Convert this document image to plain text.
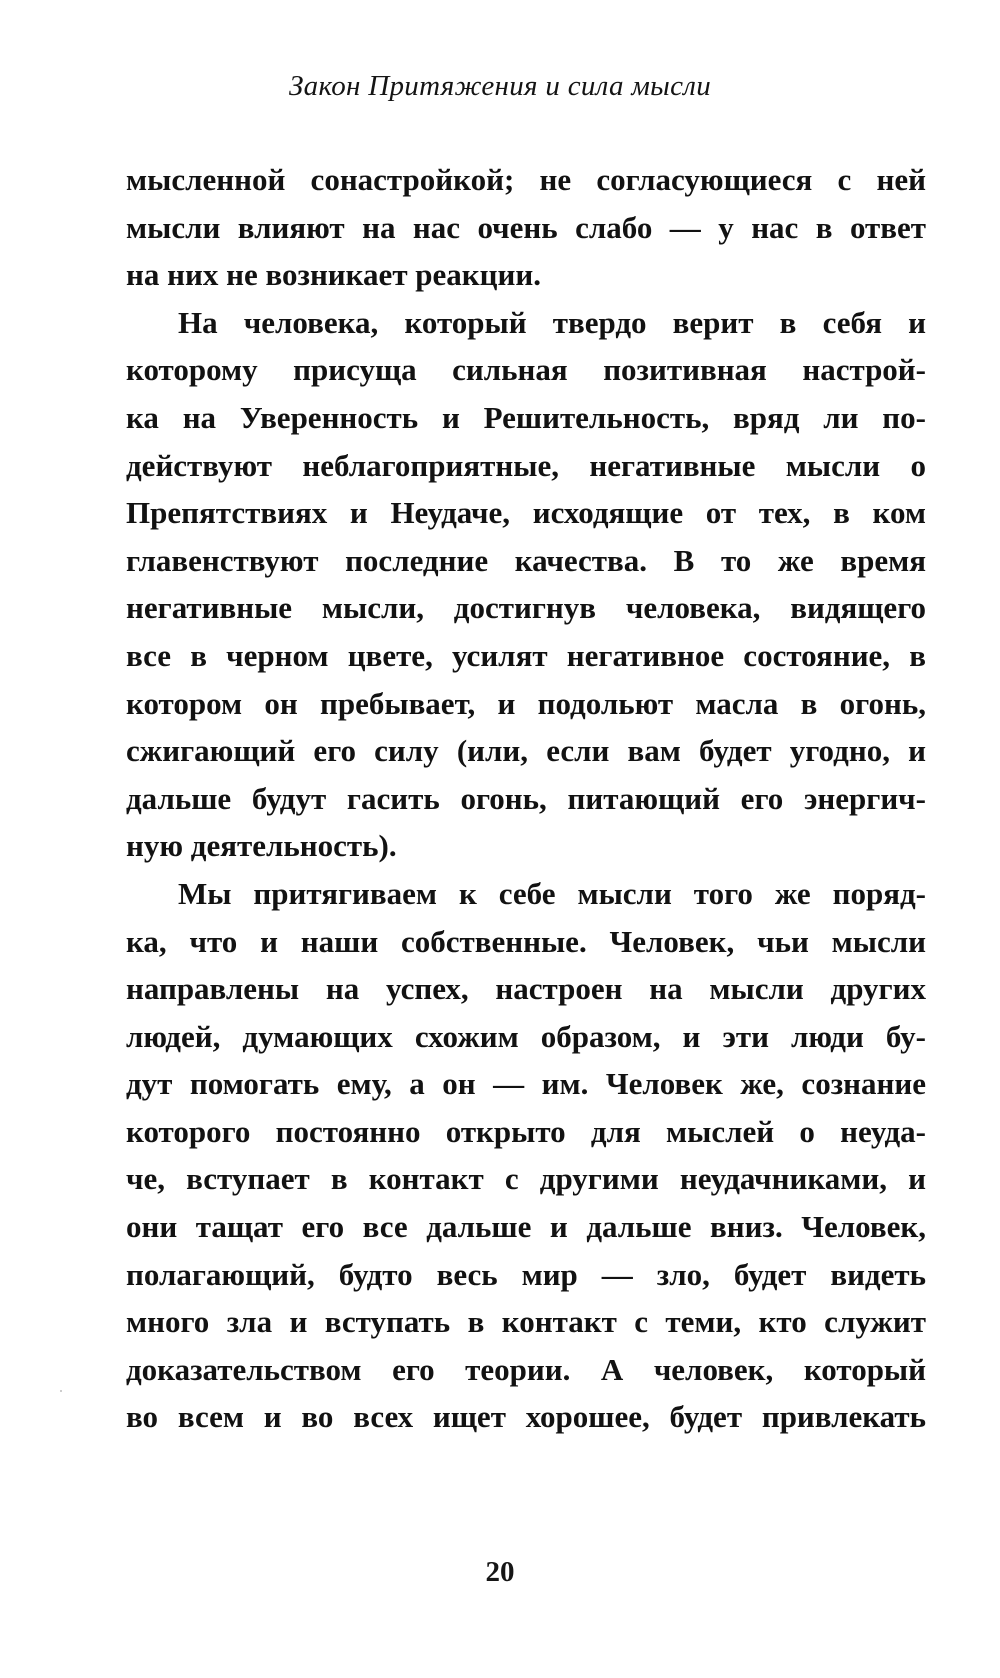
Закон Притяжения и сила мысли
мысленной сонастройкой; не согласующиеся с ней
мысли влияют на нас очень слабо — у нас в ответ
на них не возникает реакции.
На человека, который твердо верит в себя и
которому присуща сильная позитивная настрой-
ка на Уверенность и Решительность, вряд ли по-
действуют неблагоприятные, негативные мысли о
Препятствиях и Неудаче, исходящие от тех, в ком
главенствуют последние качества. В то же время
негативные мысли, достигнув человека, видящего
все в черном цвете, усилят негативное состояние, в
котором он пребывает, и подольют масла в огонь,
сжигающий его силу (или, если вам будет угодно, и
дальше будут гасить огонь, питающий его энергич-
ную деятельность).
Мы притягиваем к себе мысли того же поряд-
ка, что и наши собственные. Человек, чьи мысли
направлены на успех, настроен на мысли других
людей, думающих схожим образом, и эти люди бу-
дут помогать ему, а он — им. Человек же, сознание
которого постоянно открыто для мыслей о неуда-
че, вступает в контакт с другими неудачниками, и
они тащат его все дальше и дальше вниз. Человек,
полагающий, будто весь мир — зло, будет видеть
много зла и вступать в контакт с теми, кто служит
доказательством его теории. А человек, который
во всем и во всех ищет хорошее, будет привлекать
20
